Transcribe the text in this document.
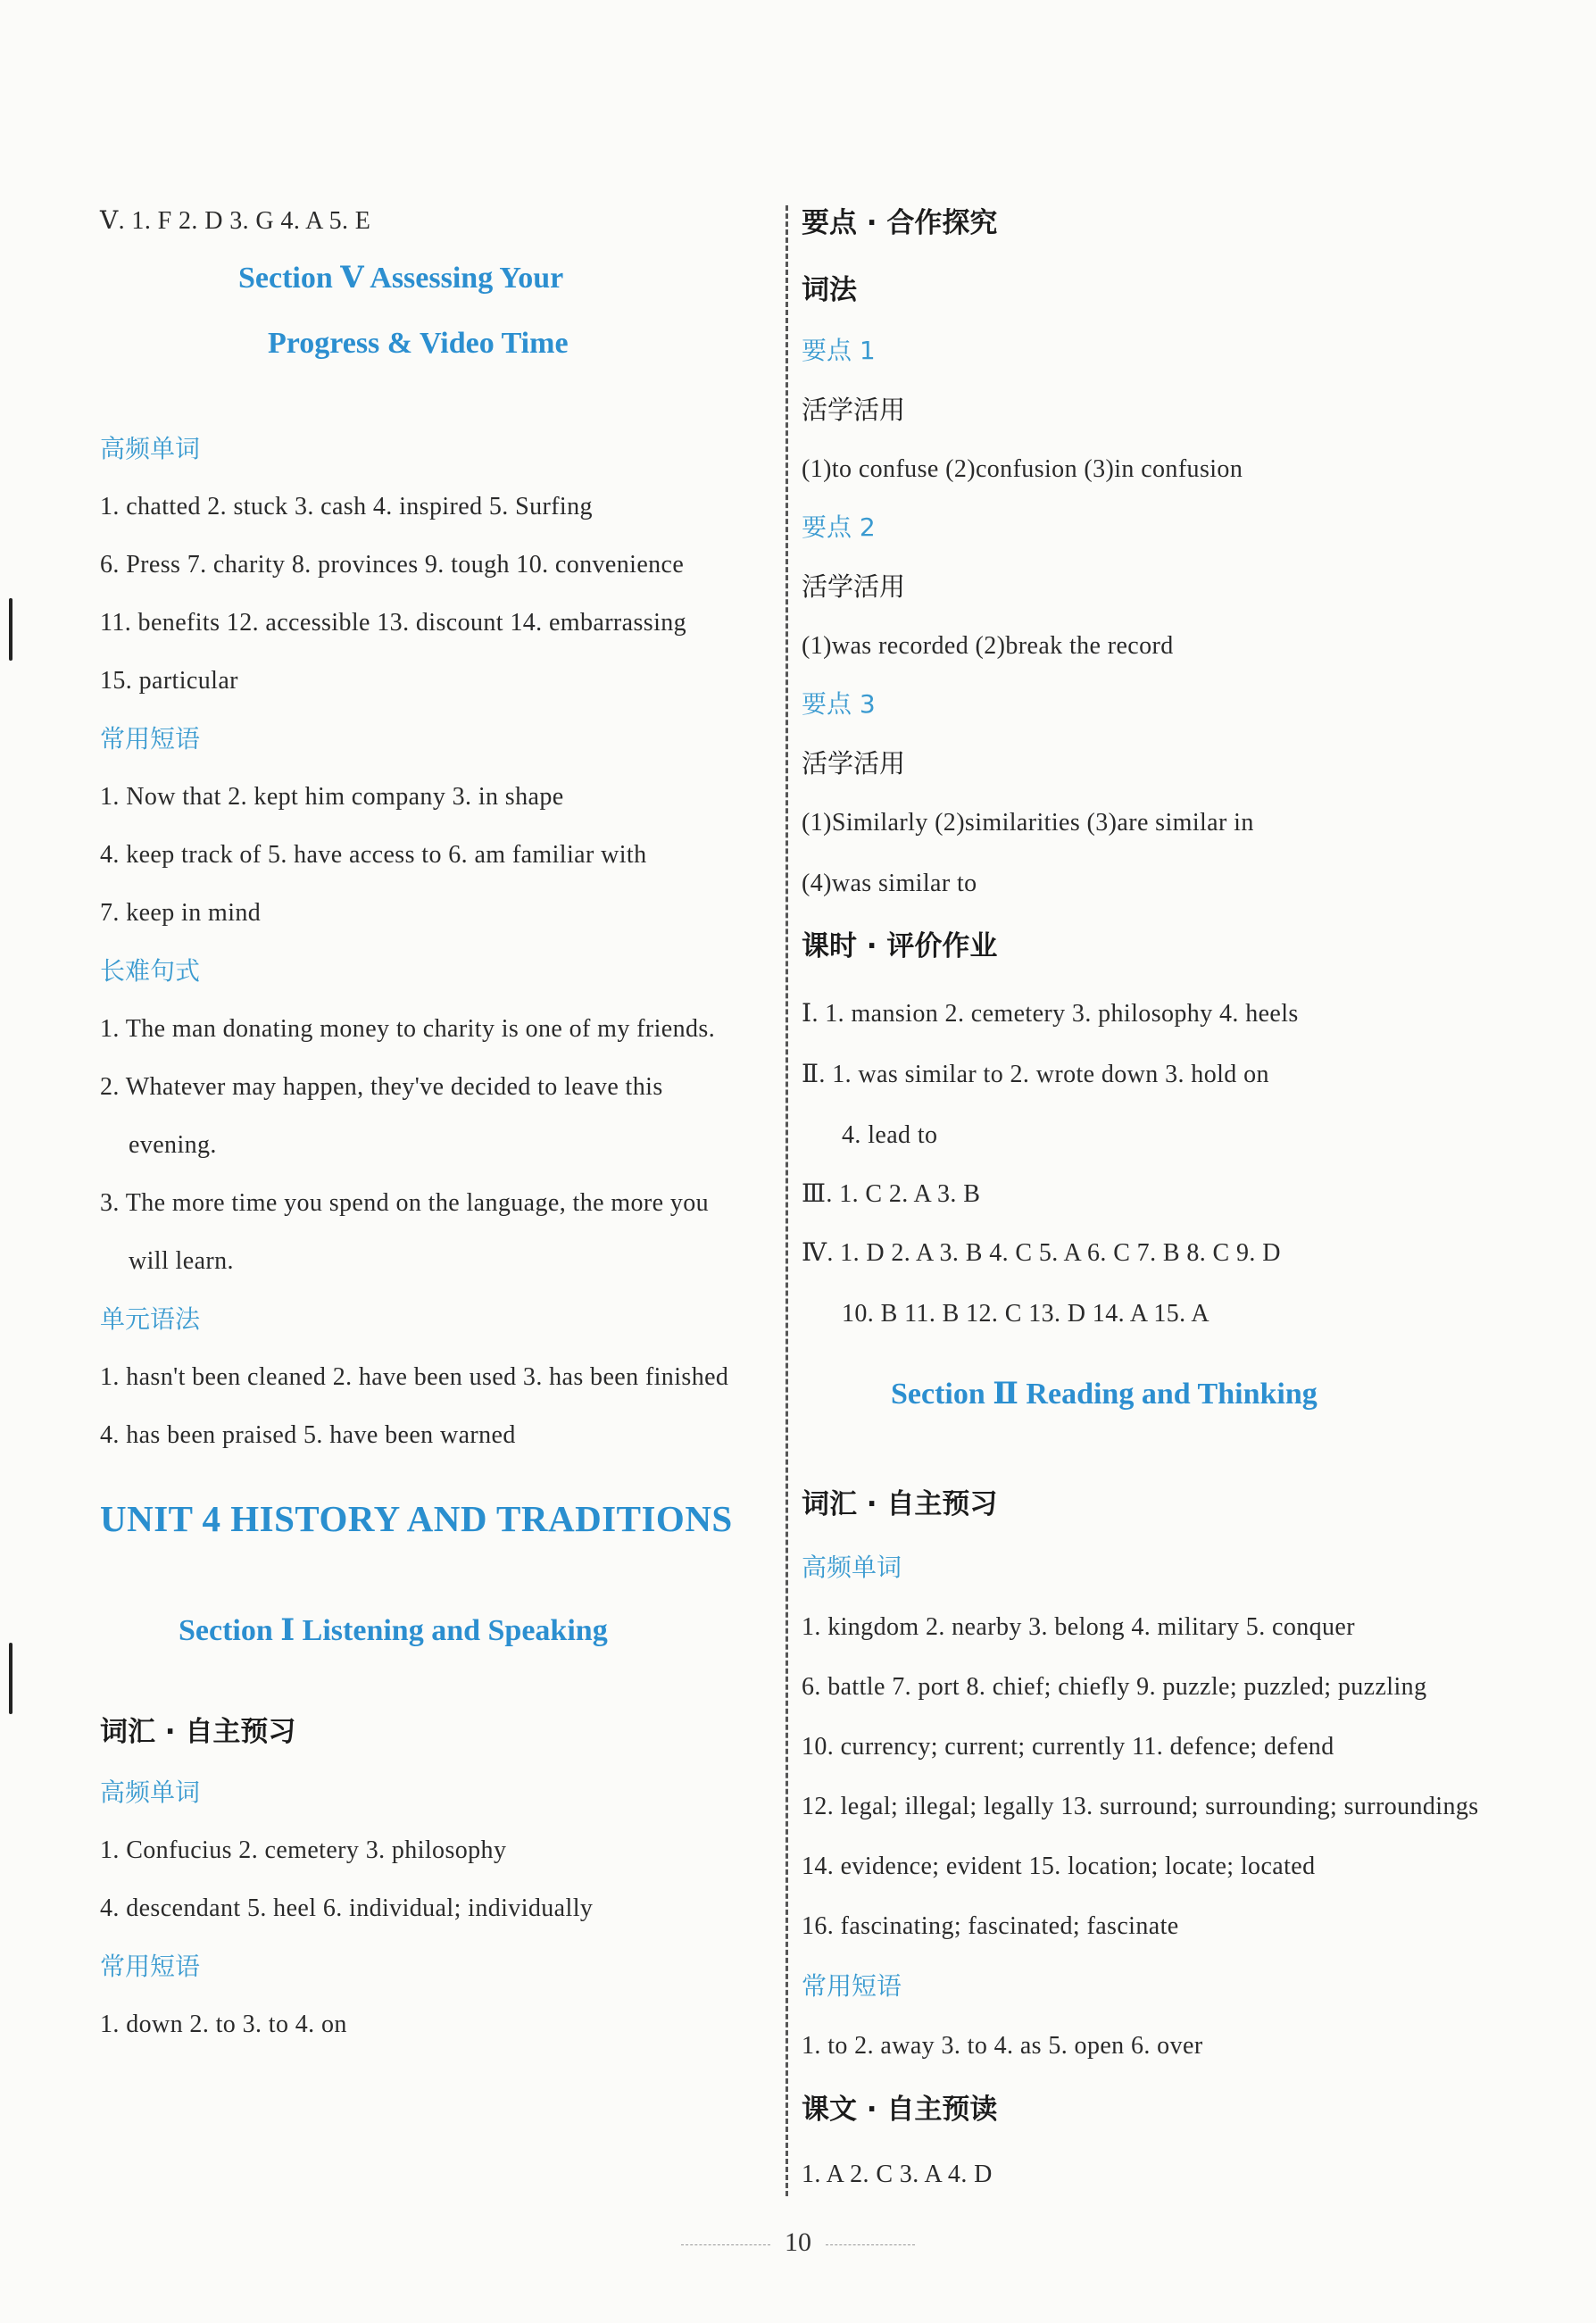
Ⅴ. 1. F 2. D 3. G 4. A 5. E
Section Ⅴ Assessing Your
Progress & Video Time
高频单词
1. chatted 2. stuck 3. cash 4. inspired 5. Surfing
6. Press 7. charity 8. provinces 9. tough 10. convenience
11. benefits 12. accessible 13. discount 14. embarrassing
15. particular
常用短语
1. Now that 2. kept him company 3. in shape
4. keep track of 5. have access to 6. am familiar with
7. keep in mind
长难句式
1. The man donating money to charity is one of my friends.
2. Whatever may happen, they've decided to leave this
evening.
3. The more time you spend on the language, the more you
will learn.
单元语法
1. hasn't been cleaned 2. have been used 3. has been finished
4. has been praised 5. have been warned
UNIT 4 HISTORY AND TRADITIONS
Section Ⅰ Listening and Speaking
词汇 · 自主预习
高频单词
1. Confucius 2. cemetery 3. philosophy
4. descendant 5. heel 6. individual; individually
常用短语
1. down 2. to 3. to 4. on
要点 · 合作探究
词法
要点 1
活学活用
(1)to confuse (2)confusion (3)in confusion
要点 2
活学活用
(1)was recorded (2)break the record
要点 3
活学活用
(1)Similarly (2)similarities (3)are similar in
(4)was similar to
课时 · 评价作业
Ⅰ. 1. mansion 2. cemetery 3. philosophy 4. heels
Ⅱ. 1. was similar to 2. wrote down 3. hold on
4. lead to
Ⅲ. 1. C 2. A 3. B
Ⅳ. 1. D 2. A 3. B 4. C 5. A 6. C 7. B 8. C 9. D
10. B 11. B 12. C 13. D 14. A 15. A
Section Ⅱ Reading and Thinking
词汇 · 自主预习
高频单词
1. kingdom 2. nearby 3. belong 4. military 5. conquer
6. battle 7. port 8. chief; chiefly 9. puzzle; puzzled; puzzling
10. currency; current; currently 11. defence; defend
12. legal; illegal; legally 13. surround; surrounding; surroundings
14. evidence; evident 15. location; locate; located
16. fascinating; fascinated; fascinate
常用短语
1. to 2. away 3. to 4. as 5. open 6. over
课文 · 自主预读
1. A 2. C 3. A 4. D
10
